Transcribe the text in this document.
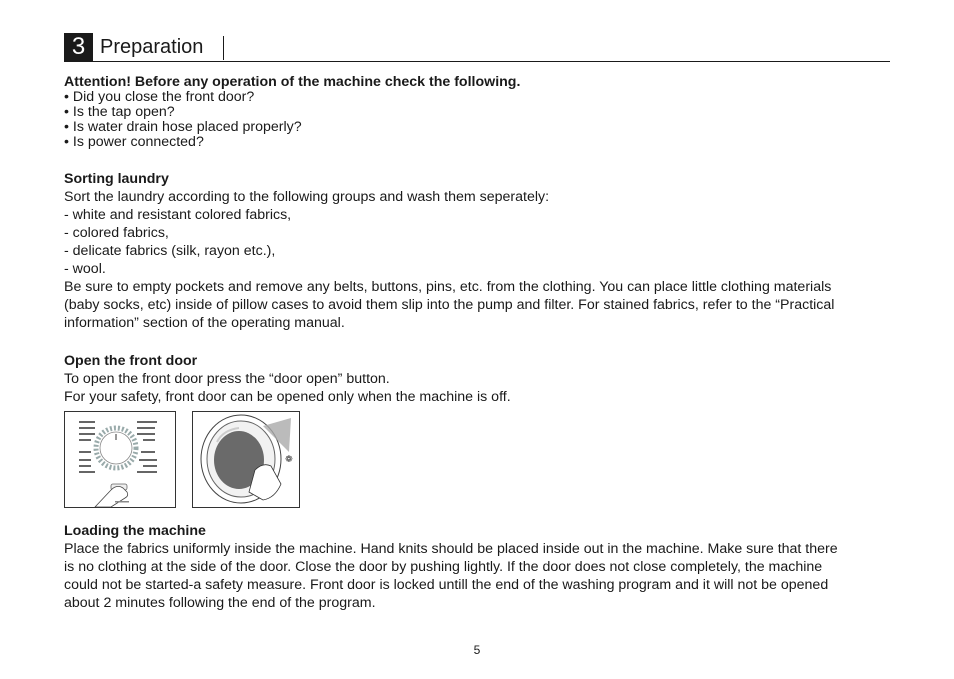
3 Preparation
Attention! Before any operation of the machine check the following.
• Did you close the front door?
• Is the tap open?
• Is water drain hose placed properly?
• Is power connected?
Sorting laundry
Sort the laundry according to the following groups and wash them seperately:
- white and resistant colored fabrics,
- colored fabrics,
- delicate fabrics (silk, rayon etc.),
- wool.
Be sure to empty pockets and remove any belts, buttons, pins, etc. from the clothing. You can place little clothing materials
(baby socks, etc) inside of pillow cases to avoid them slip into the pump and filter. For stained fabrics, refer to the “Practical
information” section of the operating manual.
Open the front door
To open the front door press the “door open” button.
For your safety, front door can be opened only when the machine is off.
❁
Loading the machine
Place the fabrics uniformly inside the machine. Hand knits should be placed inside out in the machine. Make sure that there
is no clothing at the side of the door. Close the door by pushing lightly. If the door does not close completely, the machine
could not be started-a safety measure. Front door is locked untill the end of the washing program and it will not be opened
about 2 minutes following the end of the program.
5
